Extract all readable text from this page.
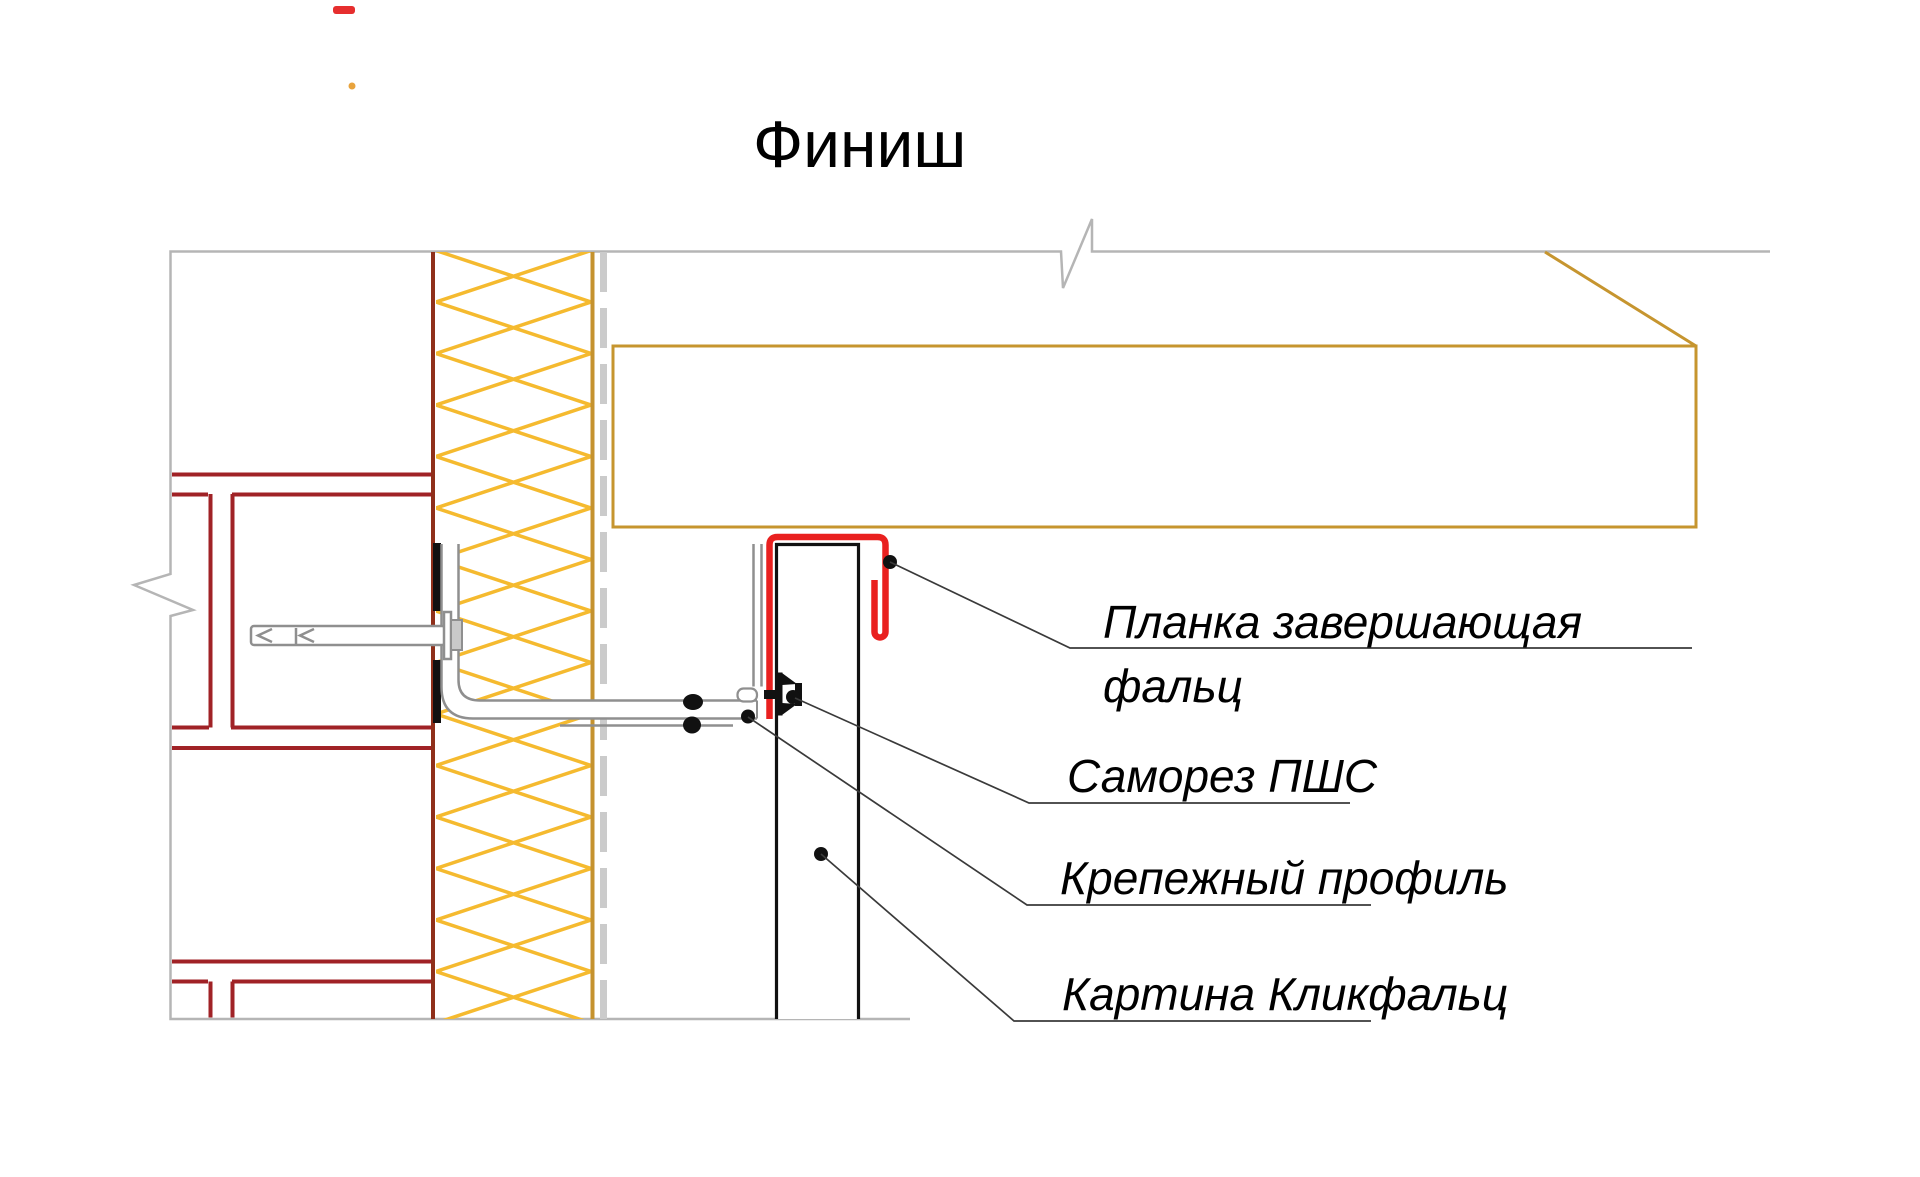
Финиш
Планка завершающая
фальц
Саморез ПШС
Крепежный профиль
Картина Кликфальц
